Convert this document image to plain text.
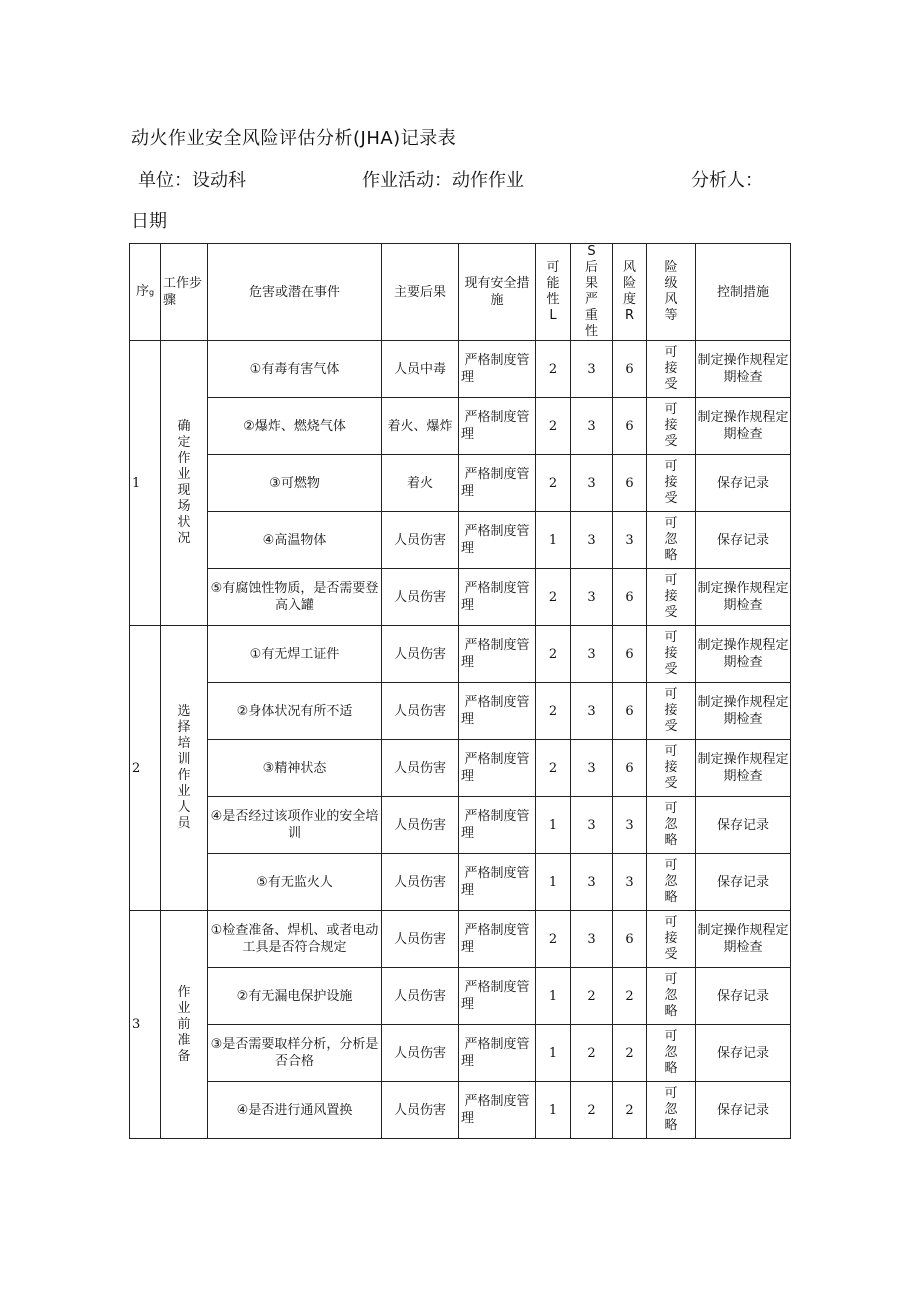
动火作业安全风险评估分析(JHA)记录表
单位：设动科	作业活动：动作作业	分析人：
日期
序g	工作步骤	危害或潜在事件	主要后果	现有安全措施	可能性L	S后果严重性	风险度R	险级风等	控制措施
1	确定作业现场状况	①有毒有害气体	人员中毒	严格制度管理	2	3	6	可接受	制定操作规程定期检查
		②爆炸、燃烧气体	着火、爆炸	严格制度管理	2	3	6	可接受	制定操作规程定期检查
		③可燃物	着火	严格制度管理	2	3	6	可接受	保存记录
		④高温物体	人员伤害	严格制度管理	1	3	3	可忽略	保存记录
		⑤有腐蚀性物质，是否需要登高入罐	人员伤害	严格制度管理	2	3	6	可接受	制定操作规程定期检查
2	选择培训作业人员	①有无焊工证件	人员伤害	严格制度管理	2	3	6	可接受	制定操作规程定期检查
		②身体状况有所不适	人员伤害	严格制度管理	2	3	6	可接受	制定操作规程定期检查
		③精神状态	人员伤害	严格制度管理	2	3	6	可接受	制定操作规程定期检查
		④是否经过该项作业的安全培训	人员伤害	严格制度管理	1	3	3	可忽略	保存记录
		⑤有无监火人	人员伤害	严格制度管理	1	3	3	可忽略	保存记录
3	作业前准备	①检查准备、焊机、或者电动工具是否符合规定	人员伤害	严格制度管理	2	3	6	可接受	制定操作规程定期检查
		②有无漏电保护设施	人员伤害	严格制度管理	1	2	2	可忽略	保存记录
		③是否需要取样分析，分析是否合格	人员伤害	严格制度管理	1	2	2	可忽略	保存记录
		④是否进行通风置换	人员伤害	严格制度管理	1	2	2	可忽略	保存记录
